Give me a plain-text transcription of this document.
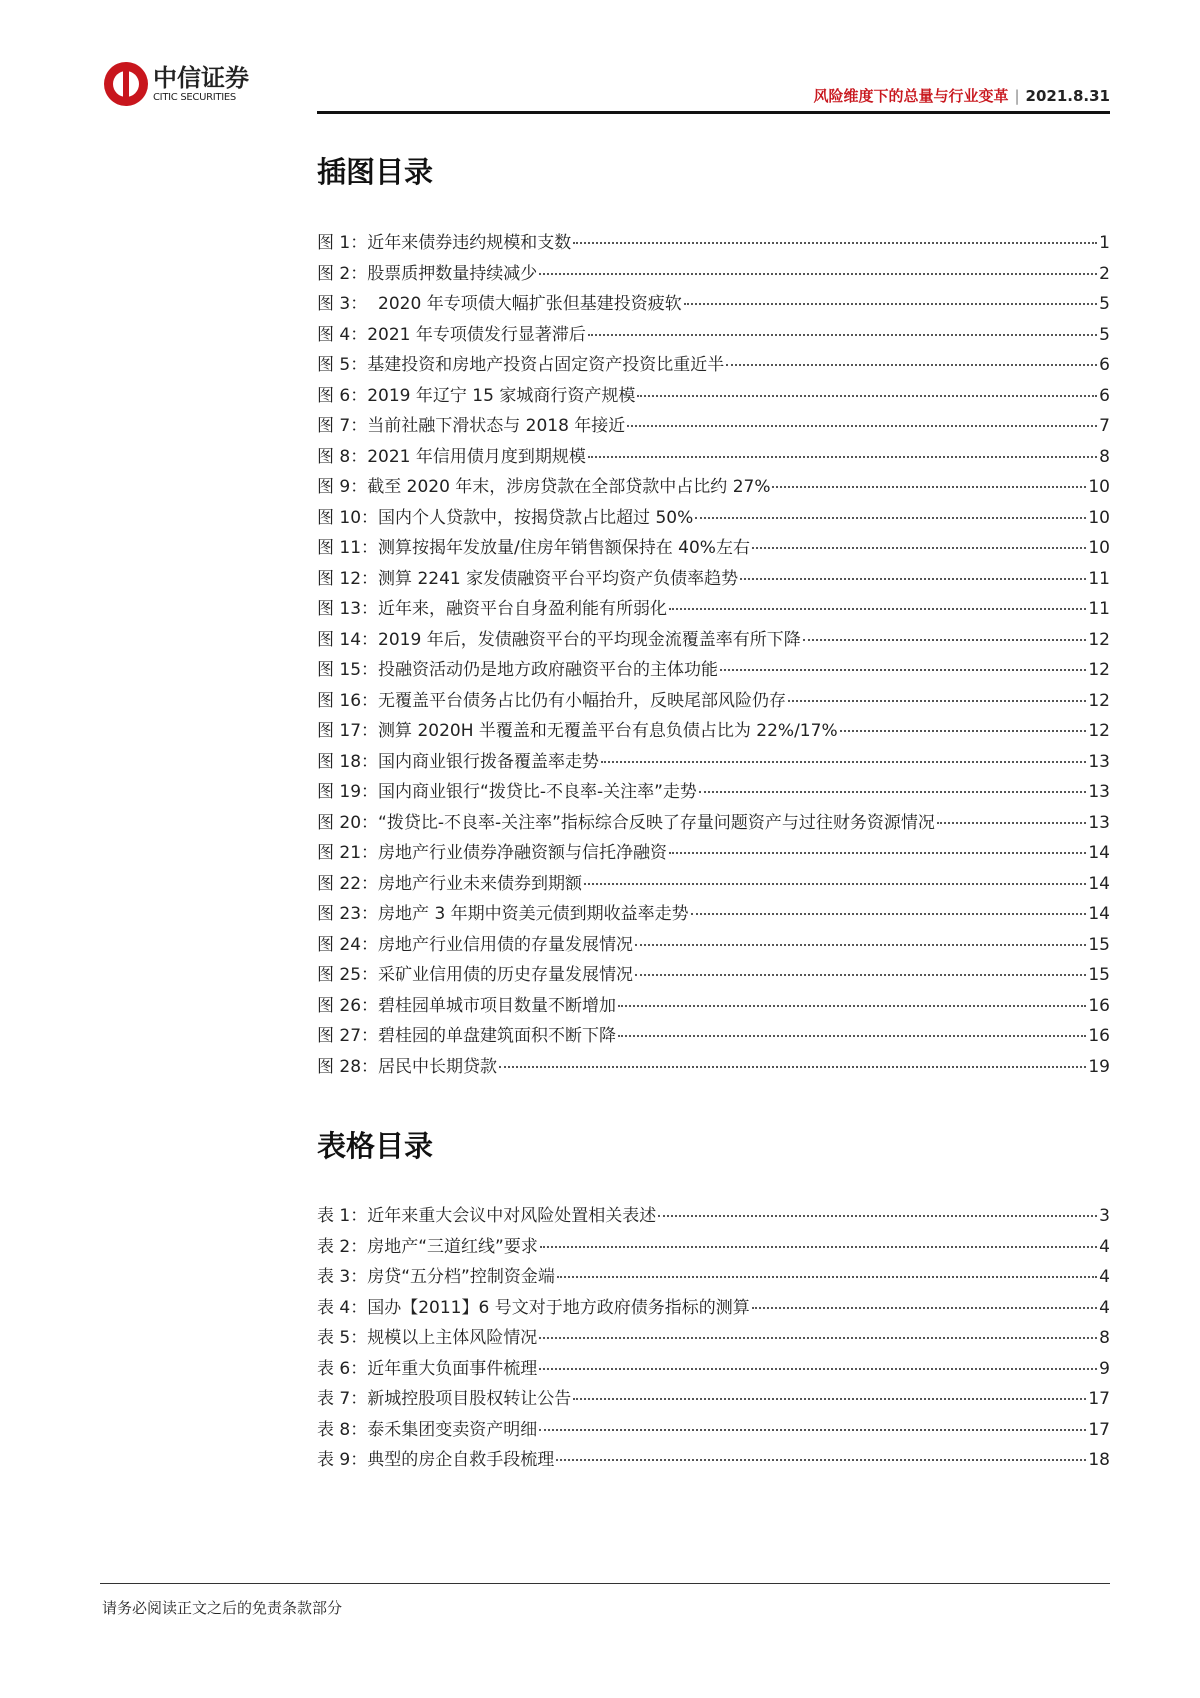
中信证券
CITIC SECURITIES	风险维度下的总量与行业变革 | 2021.8.31
插图目录
图 1：近年来债券违约规模和支数	1
图 2：股票质押数量持续减少	2
图 3：  2020 年专项债大幅扩张但基建投资疲软	5
图 4：2021 年专项债发行显著滞后	5
图 5：基建投资和房地产投资占固定资产投资比重近半	6
图 6：2019 年辽宁 15 家城商行资产规模	6
图 7：当前社融下滑状态与 2018 年接近	7
图 8：2021 年信用债月度到期规模	8
图 9：截至 2020 年末，涉房贷款在全部贷款中占比约 27%	10
图 10：国内个人贷款中，按揭贷款占比超过 50%	10
图 11：测算按揭年发放量/住房年销售额保持在 40%左右	10
图 12：测算 2241 家发债融资平台平均资产负债率趋势	11
图 13：近年来，融资平台自身盈利能有所弱化	11
图 14：2019 年后，发债融资平台的平均现金流覆盖率有所下降	12
图 15：投融资活动仍是地方政府融资平台的主体功能	12
图 16：无覆盖平台债务占比仍有小幅抬升，反映尾部风险仍存	12
图 17：测算 2020H 半覆盖和无覆盖平台有息负债占比为 22%/17%	12
图 18：国内商业银行拨备覆盖率走势	13
图 19：国内商业银行“拨贷比-不良率-关注率”走势	13
图 20：“拨贷比-不良率-关注率”指标综合反映了存量问题资产与过往财务资源情况	13
图 21：房地产行业债券净融资额与信托净融资	14
图 22：房地产行业未来债券到期额	14
图 23：房地产 3 年期中资美元债到期收益率走势	14
图 24：房地产行业信用债的存量发展情况	15
图 25：采矿业信用债的历史存量发展情况	15
图 26：碧桂园单城市项目数量不断增加	16
图 27：碧桂园的单盘建筑面积不断下降	16
图 28：居民中长期贷款	19
表格目录
表 1：近年来重大会议中对风险处置相关表述	3
表 2：房地产“三道红线”要求	4
表 3：房贷“五分档”控制资金端	4
表 4：国办【2011】6 号文对于地方政府债务指标的测算	4
表 5：规模以上主体风险情况	8
表 6：近年重大负面事件梳理	9
表 7：新城控股项目股权转让公告	17
表 8：泰禾集团变卖资产明细	17
表 9：典型的房企自救手段梳理	18
请务必阅读正文之后的免责条款部分
